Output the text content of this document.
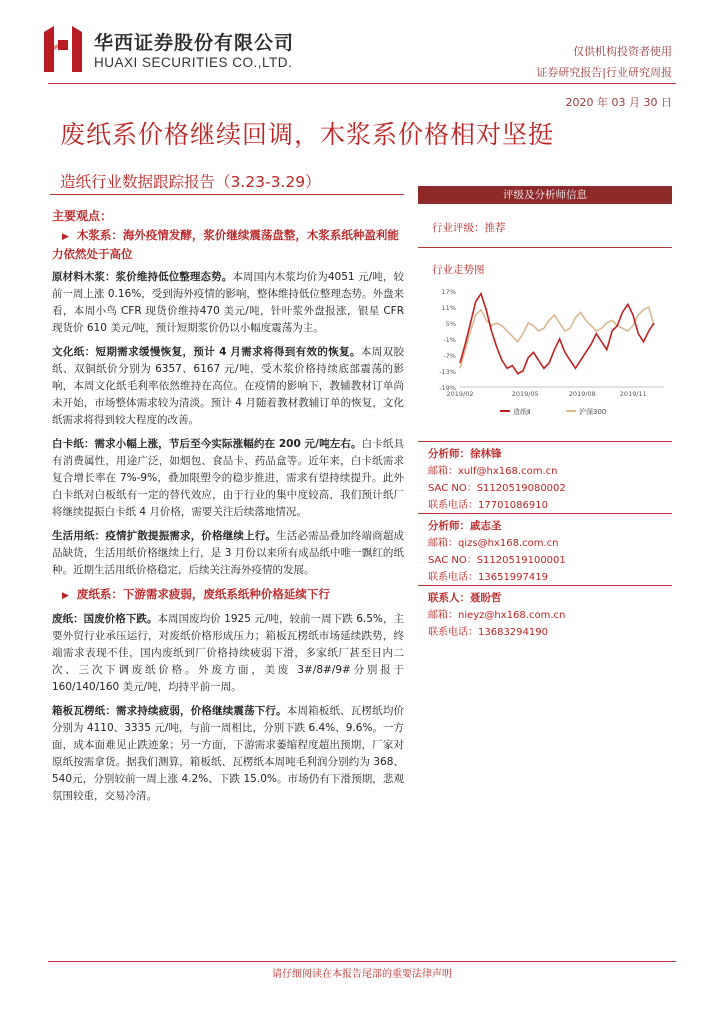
华西证券股份有限公司
HUAXI SECURITIES CO.,LTD.
仅供机构投资者使用
证券研究报告|行业研究周报
2020 年 03 月 30 日
废纸系价格继续回调，木浆系价格相对坚挺
造纸行业数据跟踪报告（3.23-3.29）
主要观点：
▶ 木浆系：海外疫情发酵，浆价继续震荡盘整，木浆系纸种盈利能力依然处于高位

原材料木浆：浆价维持低位整理态势。本周国内木浆均价为4051 元/吨，较前一周上涨 0.16%，受到海外疫情的影响，整体维持低位整理态势。外盘来看，本周小鸟 CFR 现货价维持470 美元/吨，针叶浆外盘报涨，银星 CFR 现货价 610 美元/吨，预计短期浆价仍以小幅度震荡为主。

文化纸：短期需求缓慢恢复，预计 4 月需求将得到有效的恢复。本周双胶纸、双铜纸价分别为 6357、6167 元/吨，受木浆价格持续底部震荡的影响，本周文化纸毛利率依然维持在高位。在疫情的影响下，教辅教材订单尚未开始，市场整体需求较为清淡。预计 4 月随着教材教辅订单的恢复，文化纸需求将得到较大程度的改善。

白卡纸：需求小幅上涨，节后至今实际涨幅约在 200 元/吨左右。白卡纸具有消费属性，用途广泛，如烟包、食品卡、药品盒等。近年来，白卡纸需求复合增长率在 7%-9%，叠加限塑令的稳步推进，需求有望持续提升。此外白卡纸对白板纸有一定的替代效应，由于行业的集中度较高，我们预计纸厂将继续提振白卡纸 4 月价格，需要关注后续落地情况。

生活用纸：疫情扩散提振需求，价格继续上行。生活必需品叠加终端商超成品缺货，生活用纸价格继续上行，是 3 月份以来所有成品纸中唯一飘红的纸种。近期生活用纸价格稳定，后续关注海外疫情的发展。

▶ 废纸系：下游需求疲弱，废纸系纸种价格延续下行

废纸：国废价格下跌。本周国废均价 1925 元/吨，较前一周下跌 6.5%，主要外贸行业承压运行，对废纸价格形成压力；箱板瓦楞纸市场延续跌势，终端需求表现不佳，国内废纸到厂价格持续疲弱下滑，多家纸厂甚至日内二次、三次下调废纸价格。外废方面，美废 3#/8#/9#分别报于 160/140/160 美元/吨，均持平前一周。

箱板瓦楞纸：需求持续疲弱，价格继续震荡下行。本周箱板纸、瓦楞纸均价分别为 4110、3335 元/吨，与前一周相比，分别下跌 6.4%、9.6%。一方面，成本面难见止跌迹象；另一方面，下游需求萎缩程度超出预期，厂家对原纸按需拿货。据我们测算，箱板纸、瓦楞纸本周吨毛利润分别约为 368、540元，分别较前一周上涨 4.2%、下跌 15.0%。市场仍有下滑预期，悲观氛围较重，交易冷清。

评级及分析师信息
行业评级：推荐
行业走势图
17%
11%
5%
-1%
-7%
-13%
-19%
2019/02	2019/05	2019/08	2019/11
造纸Ⅱ	沪深300
分析师：徐林锋
邮箱：xulf@hx168.com.cn
SAC NO：S1120519080002
联系电话：17701086910
分析师：戚志圣
邮箱：qizs@hx168.com.cn
SAC NO：S1120519100001
联系电话：13651997419
联系人：聂盼哲
邮箱：nieyz@hx168.com.cn
联系电话：13683294190
请仔细阅读在本报告尾部的重要法律声明
